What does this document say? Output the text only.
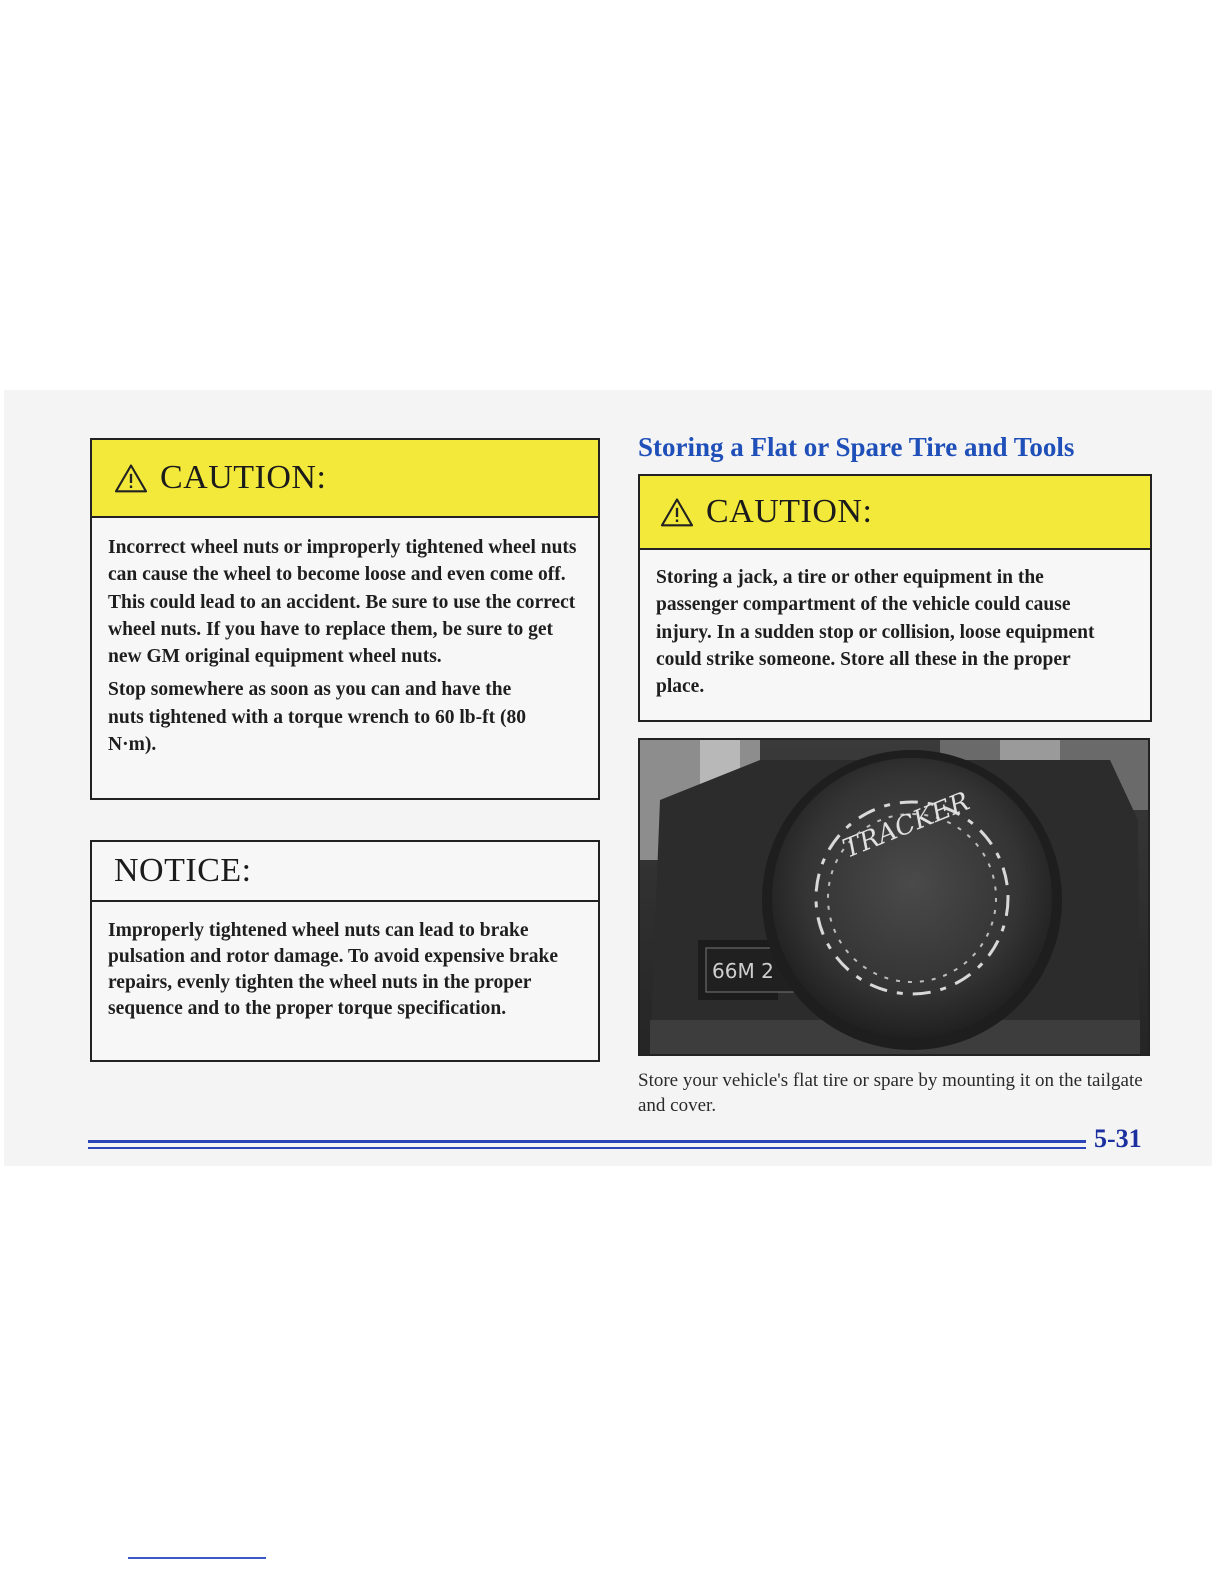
CAUTION:

Incorrect wheel nuts or improperly tightened wheel nuts can cause the wheel to become loose and even come off. This could lead to an accident. Be sure to use the correct wheel nuts. If you have to replace them, be sure to get new GM original equipment wheel nuts.

Stop somewhere as soon as you can and have the nuts tightened with a torque wrench to 60 lb-ft (80 N·m).

NOTICE:

Improperly tightened wheel nuts can lead to brake pulsation and rotor damage. To avoid expensive brake repairs, evenly tighten the wheel nuts in the proper sequence and to the proper torque specification.

Storing a Flat or Spare Tire and Tools
CAUTION:

Storing a jack, a tire or other equipment in the passenger compartment of the vehicle could cause injury. In a sudden stop or collision, loose equipment could strike someone. Store all these in the proper place.

66M 2
TRACKER
Store your vehicle's flat tire or spare by mounting it on the tailgate and cover.
5-31
